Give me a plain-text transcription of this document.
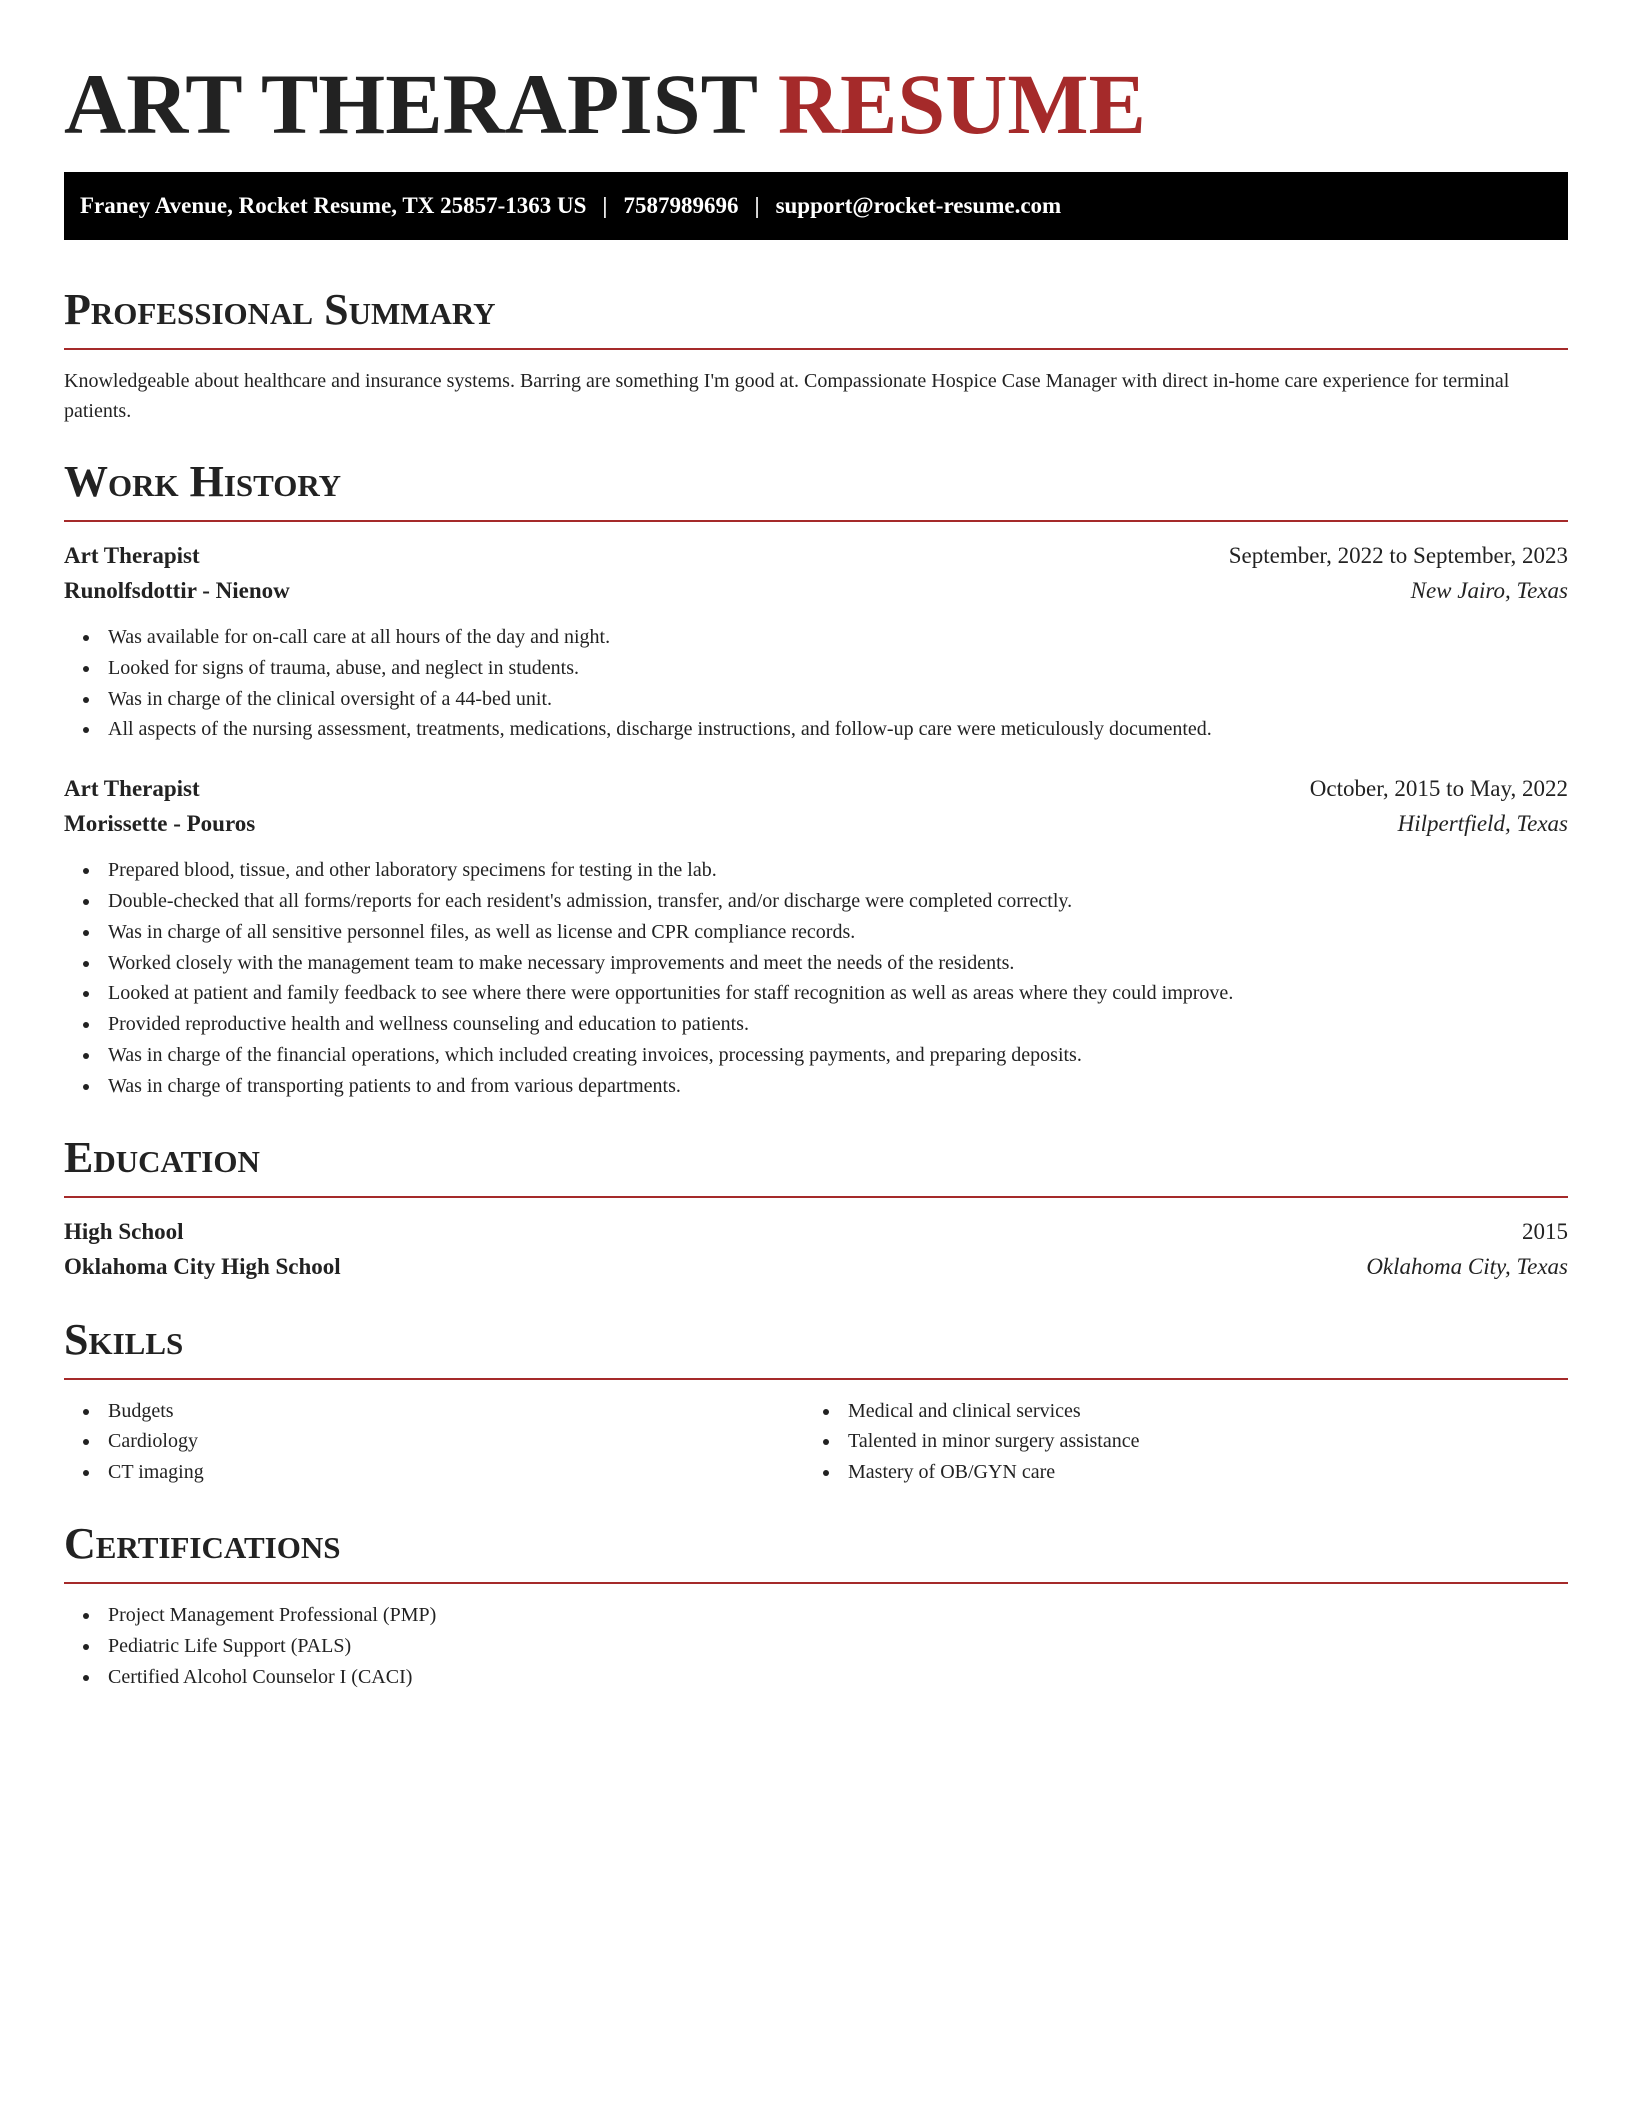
ART THERAPIST RESUME
Franey Avenue, Rocket Resume, TX 25857-1363 US | 7587989696 | support@rocket-resume.com
Professional Summary
Knowledgeable about healthcare and insurance systems. Barring are something I'm good at. Compassionate Hospice Case Manager with direct in-home care experience for terminal patients.
Work History
Art Therapist	September, 2022 to September, 2023
Runolfsdottir - Nienow	New Jairo, Texas
Was available for on-call care at all hours of the day and night.
Looked for signs of trauma, abuse, and neglect in students.
Was in charge of the clinical oversight of a 44-bed unit.
All aspects of the nursing assessment, treatments, medications, discharge instructions, and follow-up care were meticulously documented.
Art Therapist	October, 2015 to May, 2022
Morissette - Pouros	Hilpertfield, Texas
Prepared blood, tissue, and other laboratory specimens for testing in the lab.
Double-checked that all forms/reports for each resident's admission, transfer, and/or discharge were completed correctly.
Was in charge of all sensitive personnel files, as well as license and CPR compliance records.
Worked closely with the management team to make necessary improvements and meet the needs of the residents.
Looked at patient and family feedback to see where there were opportunities for staff recognition as well as areas where they could improve.
Provided reproductive health and wellness counseling and education to patients.
Was in charge of the financial operations, which included creating invoices, processing payments, and preparing deposits.
Was in charge of transporting patients to and from various departments.
Education
High School	2015
Oklahoma City High School	Oklahoma City, Texas
Skills
Budgets
Cardiology
CT imaging
Medical and clinical services
Talented in minor surgery assistance
Mastery of OB/GYN care
Certifications
Project Management Professional (PMP)
Pediatric Life Support (PALS)
Certified Alcohol Counselor I (CACI)
